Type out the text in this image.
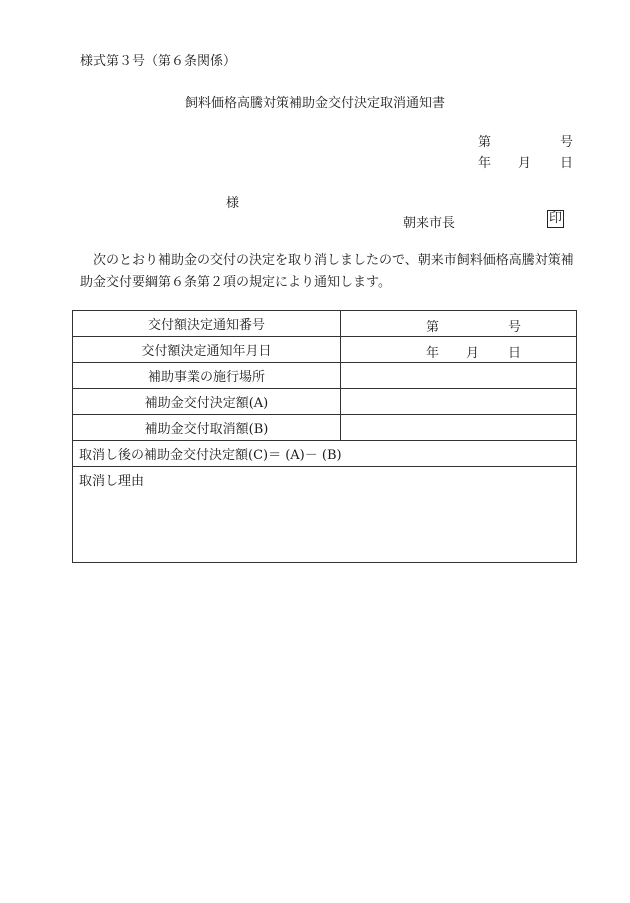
様式第３号（第６条関係）
飼料価格高騰対策補助金交付決定取消通知書
第	号
年 月 日
様
朝来市長	印
次のとおり補助金の交付の決定を取り消しましたので、朝来市飼料価格高騰対策補助金交付要綱第６条第２項の規定により通知します。
交付額決定通知番号	第 号

交付額決定通知年月日	年 月 日

補助事業の施行場所	
補助金交付決定額(A)	
補助金交付取消額(B)	
取消し後の補助金交付決定額(C)＝ (A)－ (B)	
取消し理由	
